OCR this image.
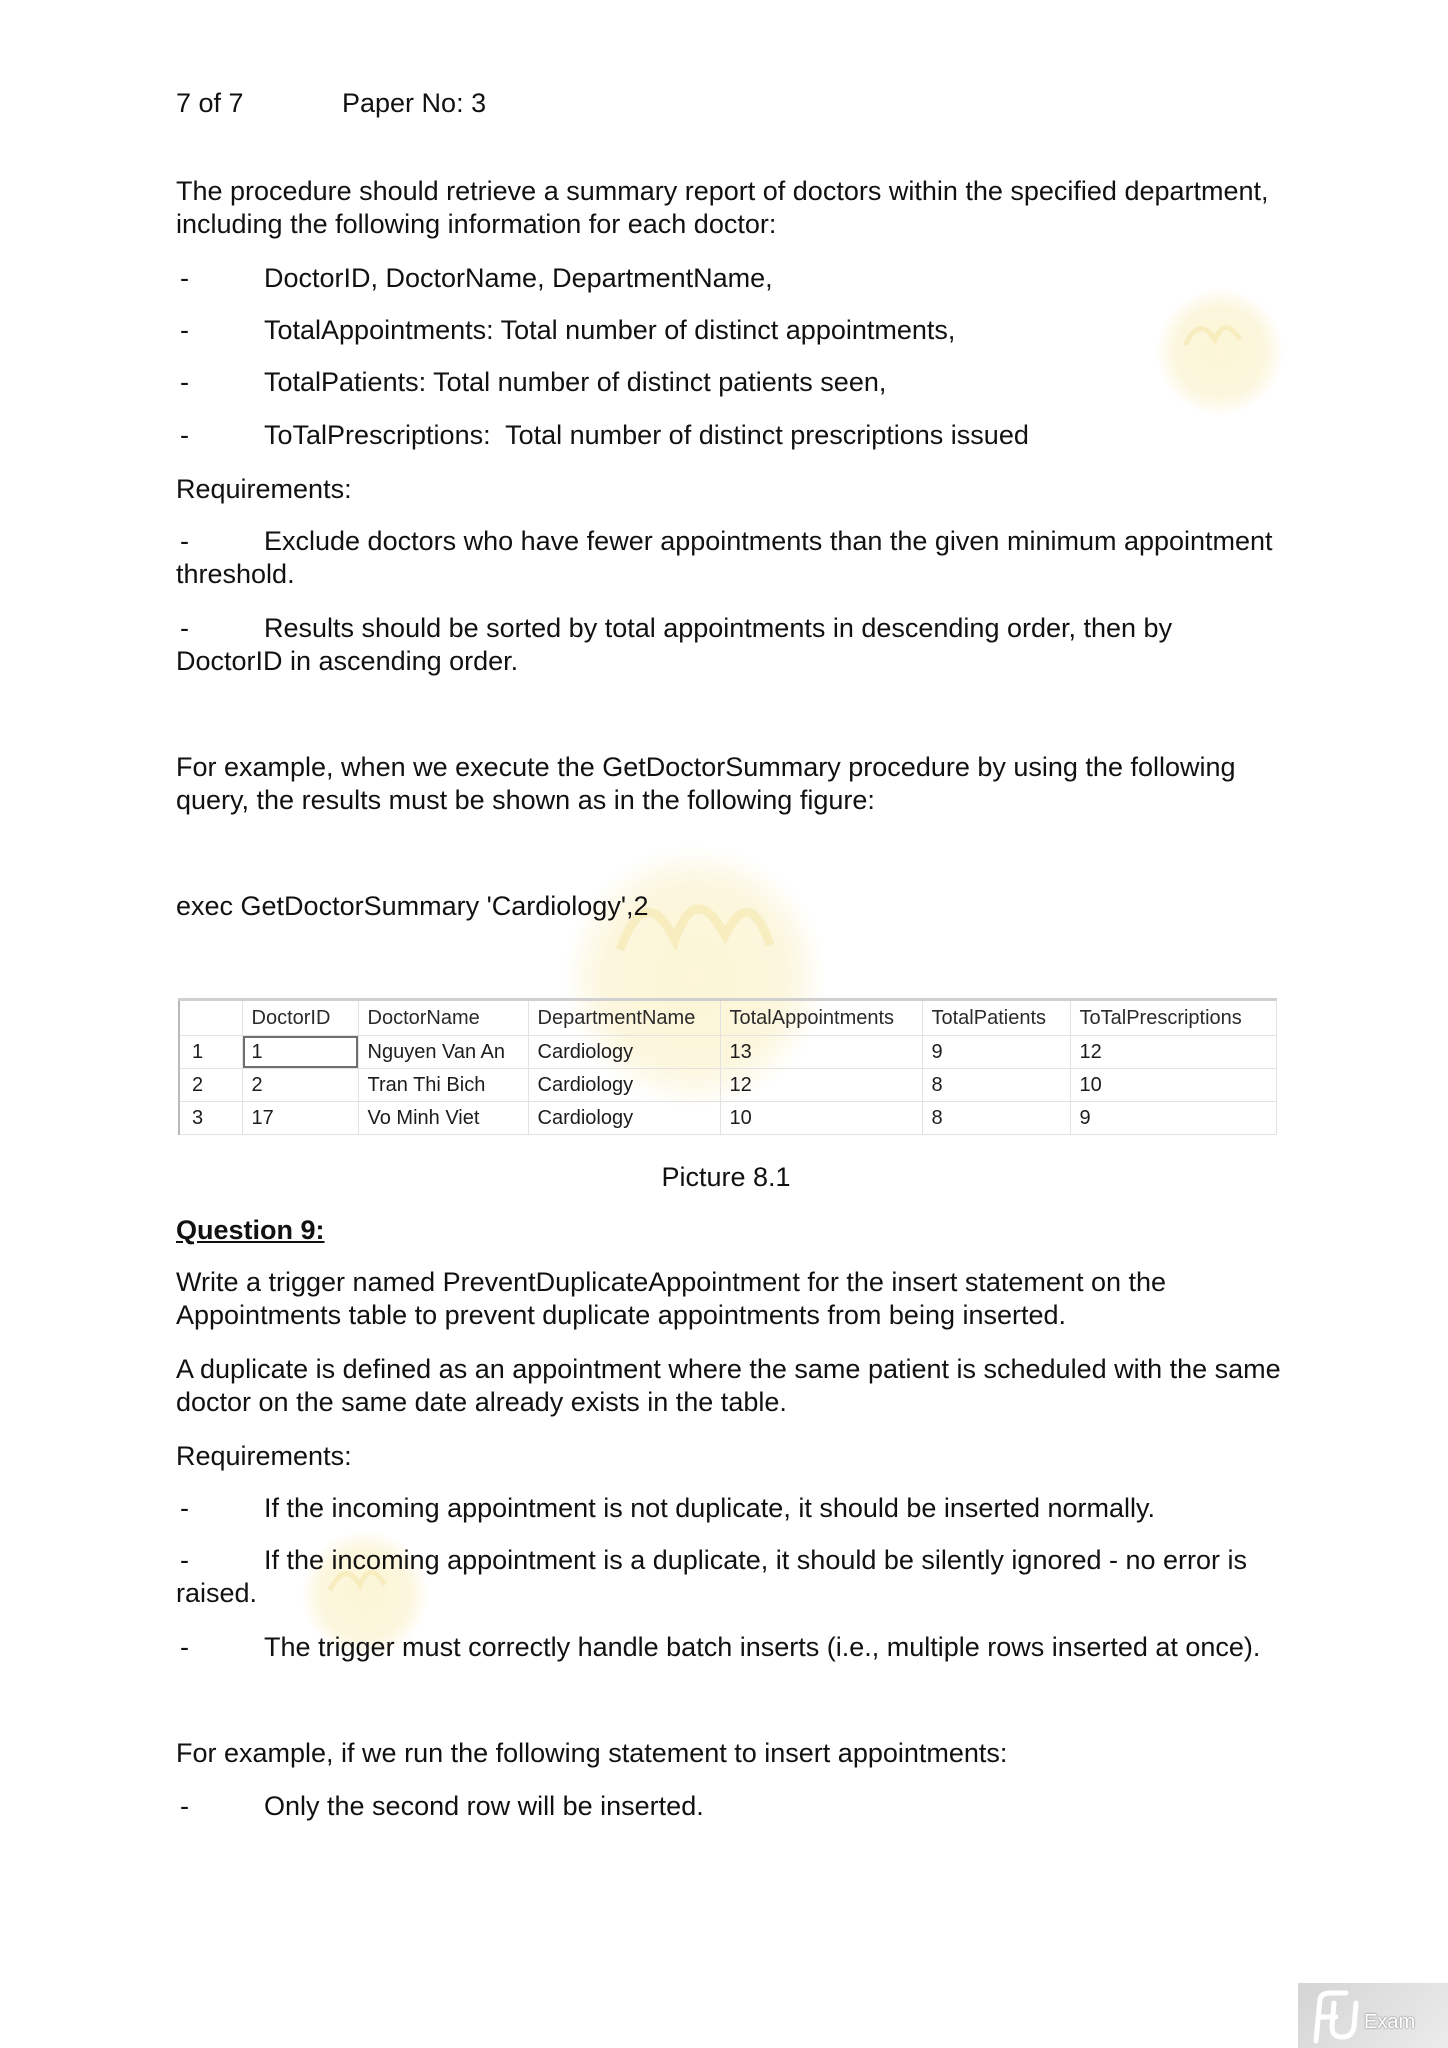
7 of 7	Paper No: 3
The procedure should retrieve a summary report of doctors within the specified department,
including the following information for each doctor:
-	DoctorID, DoctorName, DepartmentName,
-	TotalAppointments: Total number of distinct appointments,
-	TotalPatients: Total number of distinct patients seen,
-	ToTalPrescriptions:  Total number of distinct prescriptions issued
Requirements:
-	Exclude doctors who have fewer appointments than the given minimum appointment
threshold.
-	Results should be sorted by total appointments in descending order, then by
DoctorID in ascending order.
For example, when we execute the GetDoctorSummary procedure by using the following
query, the results must be shown as in the following figure:
exec GetDoctorSummary 'Cardiology',2
	DoctorID	DoctorName	DepartmentName	TotalAppointments	TotalPatients	ToTalPrescriptions
1	1	Nguyen Van An	Cardiology	13	9	12
2	2	Tran Thi Bich	Cardiology	12	8	10
3	17	Vo Minh Viet	Cardiology	10	8	9
Picture 8.1
Question 9:
Write a trigger named PreventDuplicateAppointment for the insert statement on the
Appointments table to prevent duplicate appointments from being inserted.
A duplicate is defined as an appointment where the same patient is scheduled with the same
doctor on the same date already exists in the table.
Requirements:
-	If the incoming appointment is not duplicate, it should be inserted normally.
-	If the incoming appointment is a duplicate, it should be silently ignored - no error is
raised.
-	The trigger must correctly handle batch inserts (i.e., multiple rows inserted at once).
For example, if we run the following statement to insert appointments:
-	Only the second row will be inserted.
Exam
